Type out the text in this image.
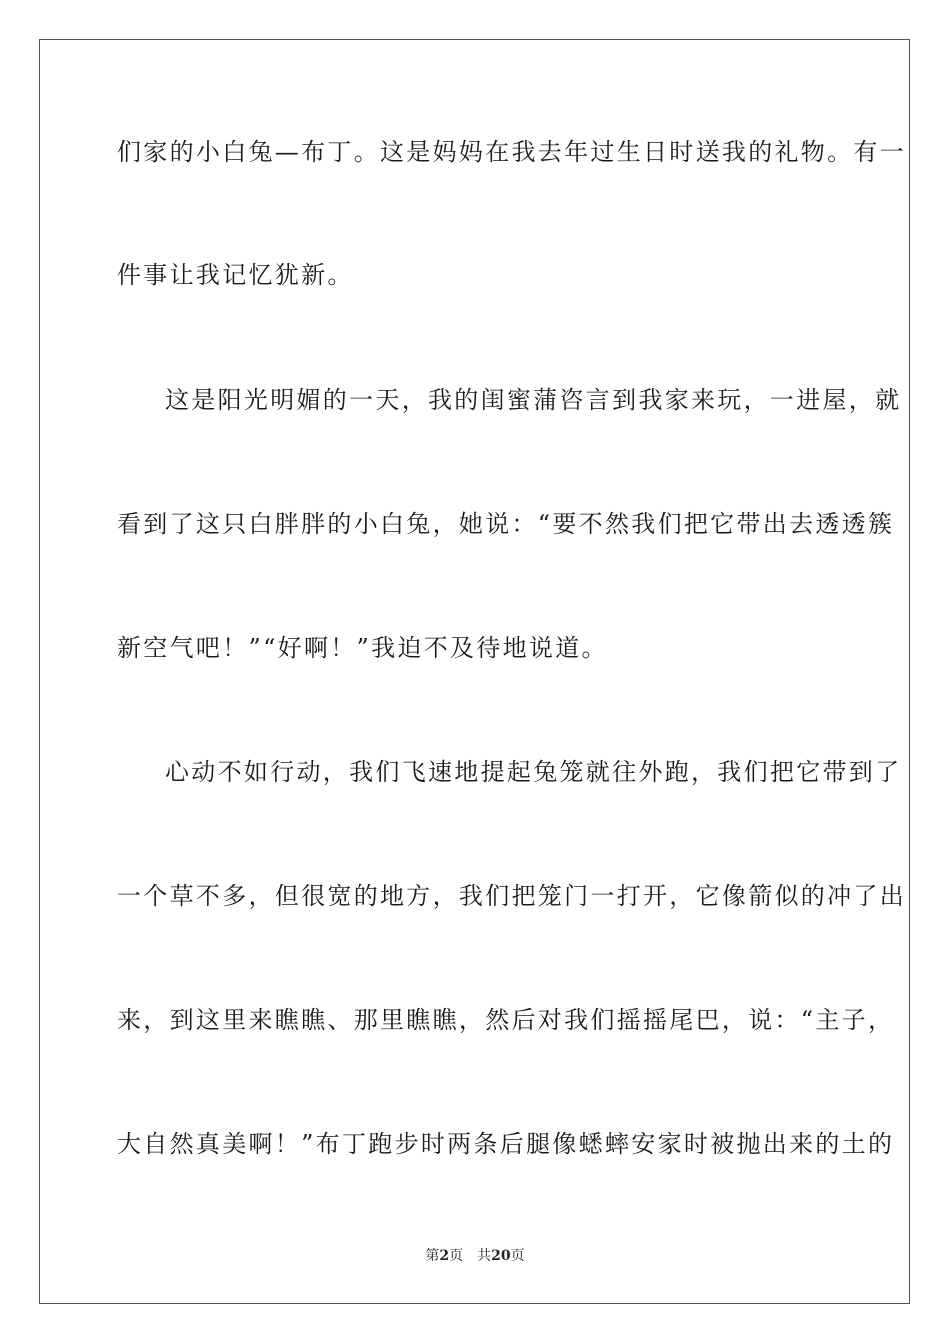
们家的小白兔—布丁。这是妈妈在我去年过生日时送我的礼物。有一
件事让我记忆犹新。
这是阳光明媚的一天，我的闺蜜蒲咨言到我家来玩，一进屋，就
看到了这只白胖胖的小白兔，她说：“要不然我们把它带出去透透簇
新空气吧！”“好啊！”我迫不及待地说道。
心动不如行动，我们飞速地提起兔笼就往外跑，我们把它带到了
一个草不多，但很宽的地方，我们把笼门一打开，它像箭似的冲了出
来，到这里来瞧瞧、那里瞧瞧，然后对我们摇摇尾巴，说：“主子，
大自然真美啊！”布丁跑步时两条后腿像蟋蟀安家时被抛出来的土的
第2页 共20页
